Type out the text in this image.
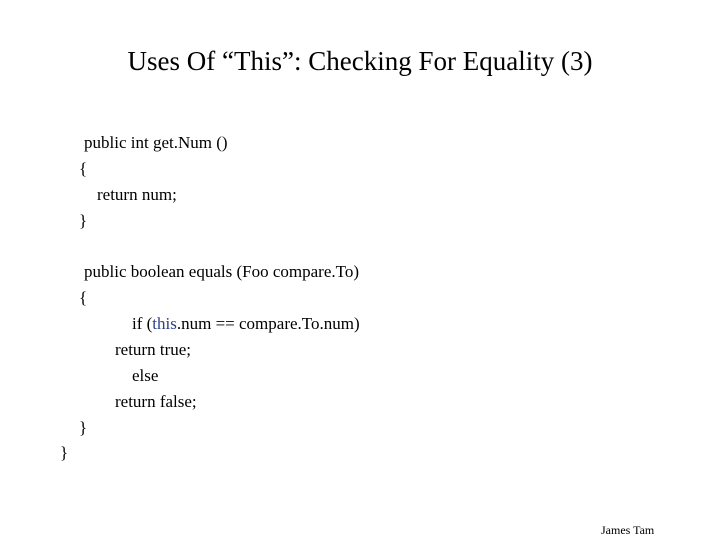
Uses Of “This”: Checking For Equality (3)
public int get.Num ()
{
return num;
}
public boolean equals (Foo compare.To)
{
if (this.num == compare.To.num)
return true;
else
return false;
}
}
James Tam
